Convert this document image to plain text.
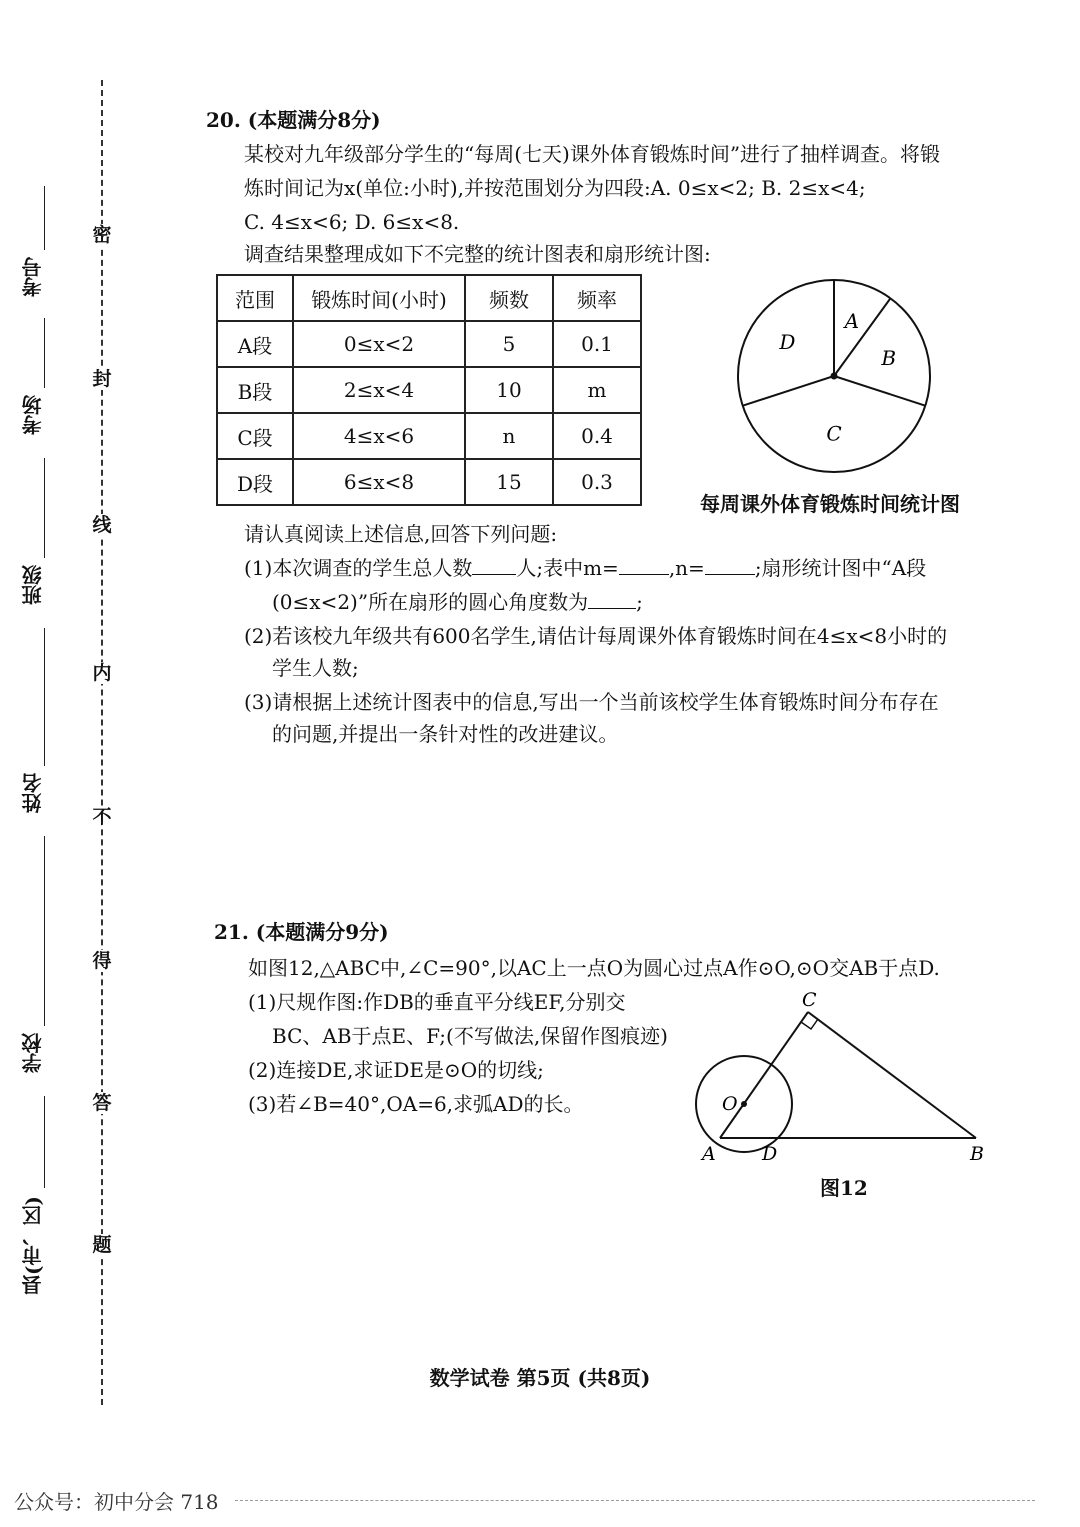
考号
考场
班级
姓名
学校
县(市、区)
密
封
线
内
不
得
答
题
20. (本题满分8分)
某校对九年级部分学生的“每周(七天)课外体育锻炼时间”进行了抽样调查。将锻
炼时间记为x(单位:小时),并按范围划分为四段:A. 0≤x<2; B. 2≤x<4;
C. 4≤x<6; D. 6≤x<8.
调查结果整理成如下不完整的统计图表和扇形统计图:
范围	锻炼时间(小时)	频数	频率
A段	0≤x<2	5	0.1
B段	2≤x<4	10	m
C段	4≤x<6	n	0.4
D段	6≤x<8	15	0.3
A
B
C
D
每周课外体育锻炼时间统计图
请认真阅读上述信息,回答下列问题:
(1)本次调查的学生总人数 人;表中m=	,n=	;扇形统计图中“A段
(0≤x<2)”所在扇形的圆心角度数为 ;
(2)若该校九年级共有600名学生,请估计每周课外体育锻炼时间在4≤x<8小时的
学生人数;
(3)请根据上述统计图表中的信息,写出一个当前该校学生体育锻炼时间分布存在
的问题,并提出一条针对性的改进建议。
21. (本题满分9分)
如图12,△ABC中,∠C=90°,以AC上一点O为圆心过点A作⊙O,⊙O交AB于点D.
(1)尺规作图:作DB的垂直平分线EF,分别交
BC、AB于点E、F;(不写做法,保留作图痕迹)
(2)连接DE,求证DE是⊙O的切线;
(3)若∠B=40°,OA=6,求弧AD的长。
C
O
A D	B
图12
数学试卷 第5页 (共8页)
公众号：初中分会 718
